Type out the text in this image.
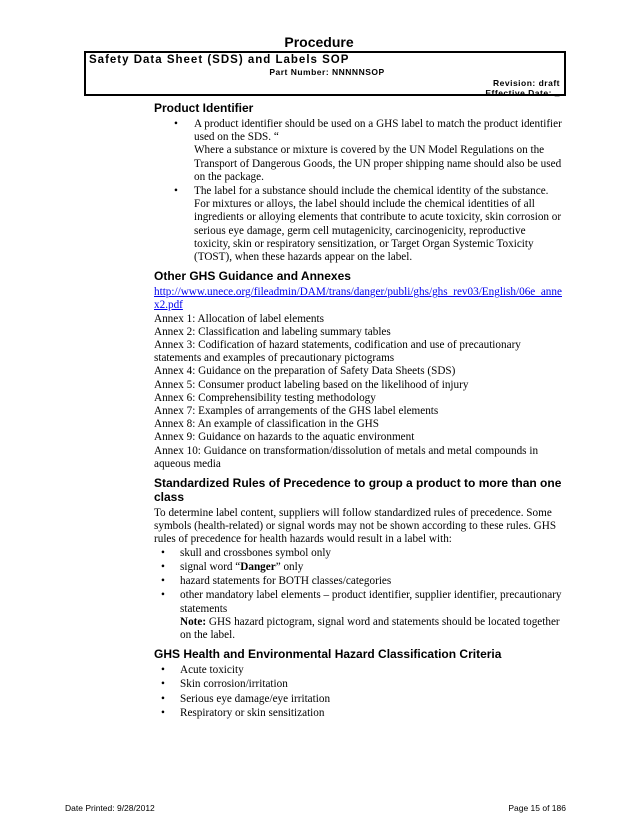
Procedure
Safety Data Sheet (SDS) and Labels SOP
Part Number: NNNNNSOP
Revision: draft
Effective Date: _
Product Identifier
• A product identifier should be used on a GHS label to match the product identifier used on the SDS. “
Where a substance or mixture is covered by the UN Model Regulations on the Transport of Dangerous Goods, the UN proper shipping name should also be used on the package.
• The label for a substance should include the chemical identity of the substance. For mixtures or alloys, the label should include the chemical identities of all ingredients or alloying elements that contribute to acute toxicity, skin corrosion or serious eye damage, germ cell mutagenicity, carcinogenicity, reproductive toxicity, skin or respiratory sensitization, or Target Organ Systemic Toxicity (TOST), when these hazards appear on the label.
Other GHS Guidance and Annexes
http://www.unece.org/fileadmin/DAM/trans/danger/publi/ghs/ghs_rev03/English/06e_annex2.pdf

Annex 1: Allocation of label elements

Annex 2: Classification and labeling summary tables

Annex 3: Codification of hazard statements, codification and use of precautionary statements and examples of precautionary pictograms

Annex 4: Guidance on the preparation of Safety Data Sheets (SDS)

Annex 5: Consumer product labeling based on the likelihood of injury

Annex 6: Comprehensibility testing methodology

Annex 7: Examples of arrangements of the GHS label elements

Annex 8: An example of classification in the GHS

Annex 9: Guidance on hazards to the aquatic environment

Annex 10: Guidance on transformation/dissolution of metals and metal compounds in aqueous media

Standardized Rules of Precedence to group a product to more than one class

To determine label content, suppliers will follow standardized rules of precedence. Some symbols (health-related) or signal words may not be shown according to these rules. GHS rules of precedence for health hazards would result in a label with:

• skull and crossbones symbol only
• signal word “Danger” only
• hazard statements for BOTH classes/categories
• other mandatory label elements – product identifier, supplier identifier, precautionary statements
Note: GHS hazard pictogram, signal word and statements should be located together on the label.
GHS Health and Environmental Hazard Classification Criteria
• Acute toxicity
• Skin corrosion/irritation
• Serious eye damage/eye irritation
• Respiratory or skin sensitization
Date Printed: 9/28/2012	Page 15 of 186
